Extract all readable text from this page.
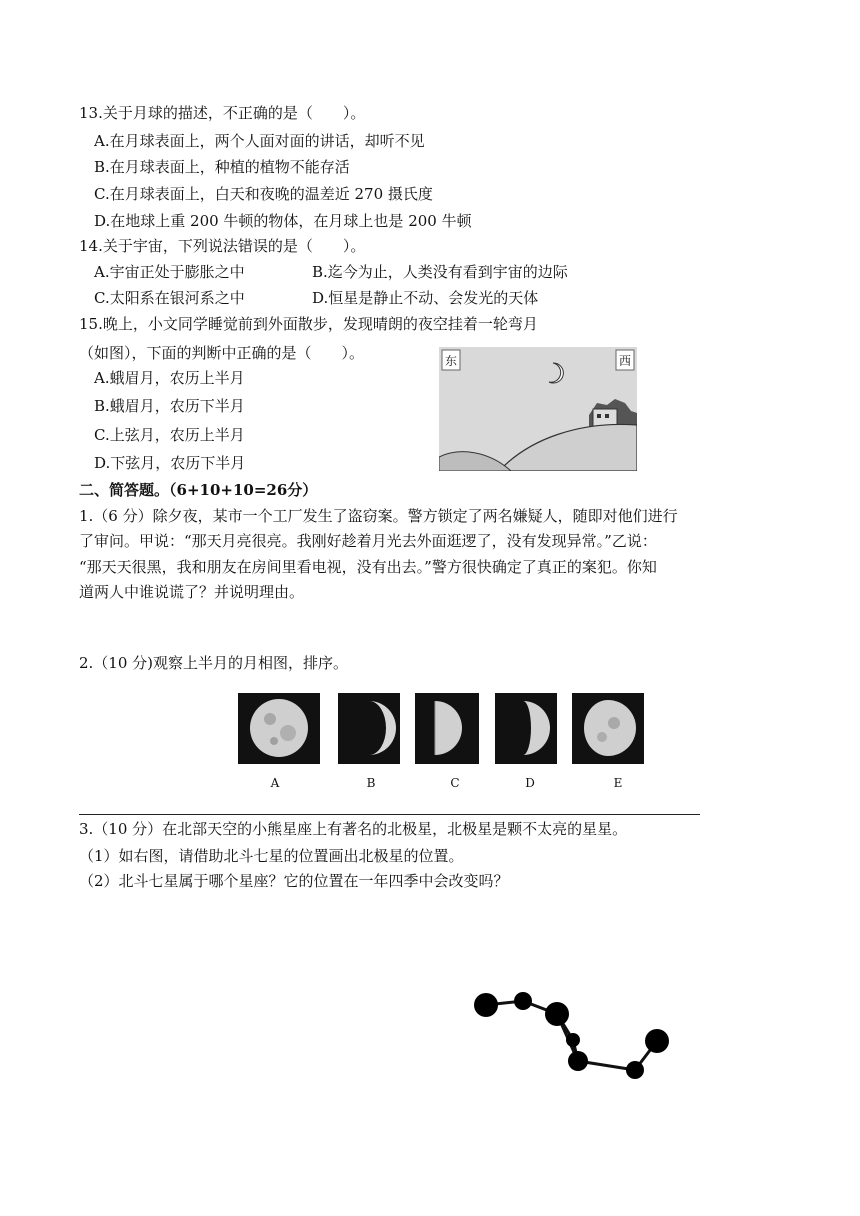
13.关于月球的描述，不正确的是（　　）。
A.在月球表面上，两个人面对面的讲话，却听不见
B.在月球表面上，种植的植物不能存活
C.在月球表面上，白天和夜晚的温差近 270 摄氏度
D.在地球上重 200 牛顿的物体，在月球上也是 200 牛顿
14.关于宇宙，下列说法错误的是（　　）。
A.宇宙正处于膨胀之中	B.迄今为止，人类没有看到宇宙的边际
C.太阳系在银河系之中	D.恒星是静止不动、会发光的天体
15.晚上，小文同学睡觉前到外面散步，发现晴朗的夜空挂着一轮弯月
（如图），下面的判断中正确的是（　　）。
A.蛾眉月，农历上半月
B.蛾眉月，农历下半月
C.上弦月，农历上半月
D.下弦月，农历下半月
东	西
二、简答题。（6+10+10=26分）
1.（6 分）除夕夜，某市一个工厂发生了盗窃案。警方锁定了两名嫌疑人，随即对他们进行
了审问。甲说：“那天月亮很亮。我刚好趁着月光去外面逛逻了，没有发现异常。”乙说：
“那天天很黑，我和朋友在房间里看电视，没有出去。”警方很快确定了真正的案犯。你知
道两人中谁说谎了？并说明理由。
2.（10 分)观察上半月的月相图，排序。
A	B	C	D	E
3.（10 分）在北部天空的小熊星座上有著名的北极星，北极星是颗不太亮的星星。
（1）如右图，请借助北斗七星的位置画出北极星的位置。
（2）北斗七星属于哪个星座？它的位置在一年四季中会改变吗？
